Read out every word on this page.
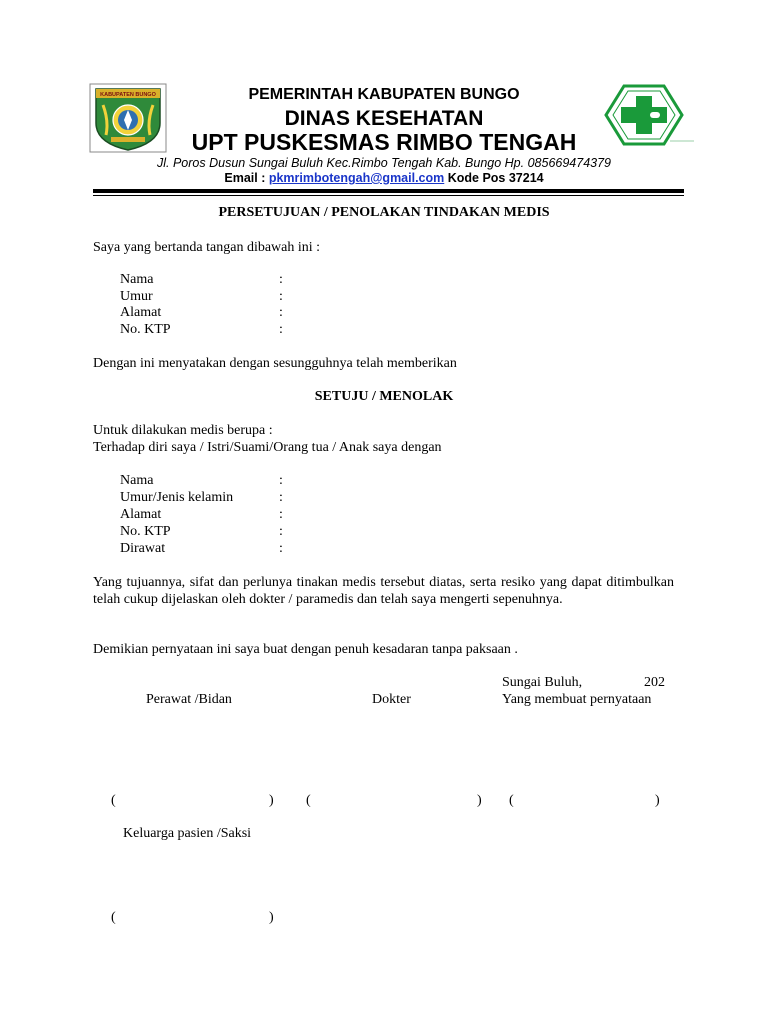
KABUPATEN BUNGO	PEMERINTAH KABUPATEN BUNGO
DINAS KESEHATAN
UPT PUSKESMAS RIMBO TENGAH
Jl. Poros Dusun Sungai Buluh Kec.Rimbo Tengah Kab. Bungo Hp. 085669474379
Email : pkmrimbotengah@gmail.com Kode Pos 37214
PERSETUJUAN / PENOLAKAN TINDAKAN MEDIS
Saya yang bertanda tangan dibawah ini :
Nama	:
Umur	:
Alamat	:
No. KTP	:
Dengan ini menyatakan dengan sesungguhnya telah memberikan
SETUJU / MENOLAK
Untuk dilakukan medis berupa :
Terhadap diri saya / Istri/Suami/Orang tua / Anak saya dengan
Nama	:
Umur/Jenis kelamin	:
Alamat	:
No. KTP	:
Dirawat	:
Yang tujuannya, sifat dan perlunya tinakan medis tersebut diatas, serta resiko yang dapat ditimbulkan telah cukup dijelaskan oleh dokter / paramedis dan telah saya mengerti sepenuhnya.
Demikian pernyataan ini saya buat dengan penuh kesadaran tanpa paksaan .
Sungai Buluh,	202
Perawat /Bidan	Dokter	Yang membuat pernyataan
(	) (	) (	)
Keluarga pasien /Saksi
(	)
